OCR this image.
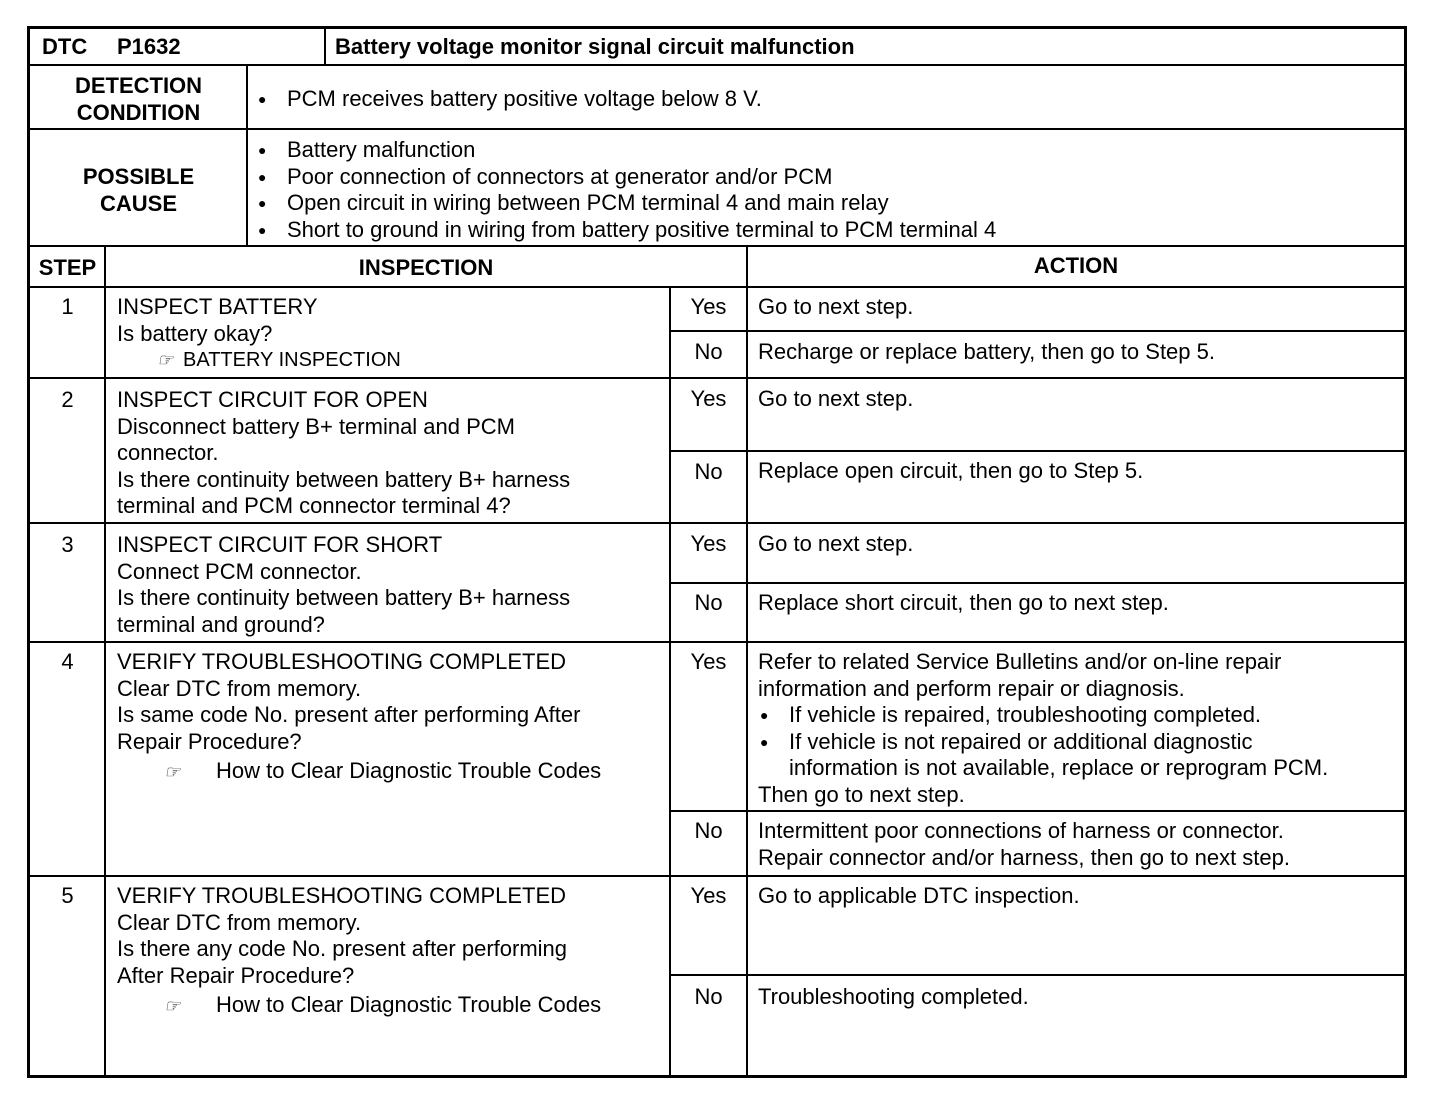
DTC P1632	Battery voltage monitor signal circuit malfunction
DETECTION
CONDITION
● PCM receives battery positive voltage below 8 V.
POSSIBLE
CAUSE
● Battery malfunction
● Poor connection of connectors at generator and/or PCM
● Open circuit in wiring between PCM terminal 4 and main relay
● Short to ground in wiring from battery positive terminal to PCM terminal 4
STEP	INSPECTION	ACTION
1	INSPECT BATTERY
Is battery okay?
☞ BATTERY INSPECTION
Yes	Go to next step.
No	Recharge or replace battery, then go to Step 5.
2	INSPECT CIRCUIT FOR OPEN
Disconnect battery B+ terminal and PCM
connector.
Is there continuity between battery B+ harness
terminal and PCM connector terminal 4?
Yes	Go to next step.
No	Replace open circuit, then go to Step 5.
3	INSPECT CIRCUIT FOR SHORT
Connect PCM connector.
Is there continuity between battery B+ harness
terminal and ground?
Yes	Go to next step.
No	Replace short circuit, then go to next step.
4	VERIFY TROUBLESHOOTING COMPLETED
Clear DTC from memory.
Is same code No. present after performing After
Repair Procedure?
☞ How to Clear Diagnostic Trouble Codes
Yes	Refer to related Service Bulletins and/or on-line repair
information and perform repair or diagnosis.
● If vehicle is repaired, troubleshooting completed.
● If vehicle is not repaired or additional diagnostic
information is not available, replace or reprogram PCM.
Then go to next step.
No	Intermittent poor connections of harness or connector.
Repair connector and/or harness, then go to next step.
5	VERIFY TROUBLESHOOTING COMPLETED
Clear DTC from memory.
Is there any code No. present after performing
After Repair Procedure?
☞ How to Clear Diagnostic Trouble Codes
Yes	Go to applicable DTC inspection.
No	Troubleshooting completed.
